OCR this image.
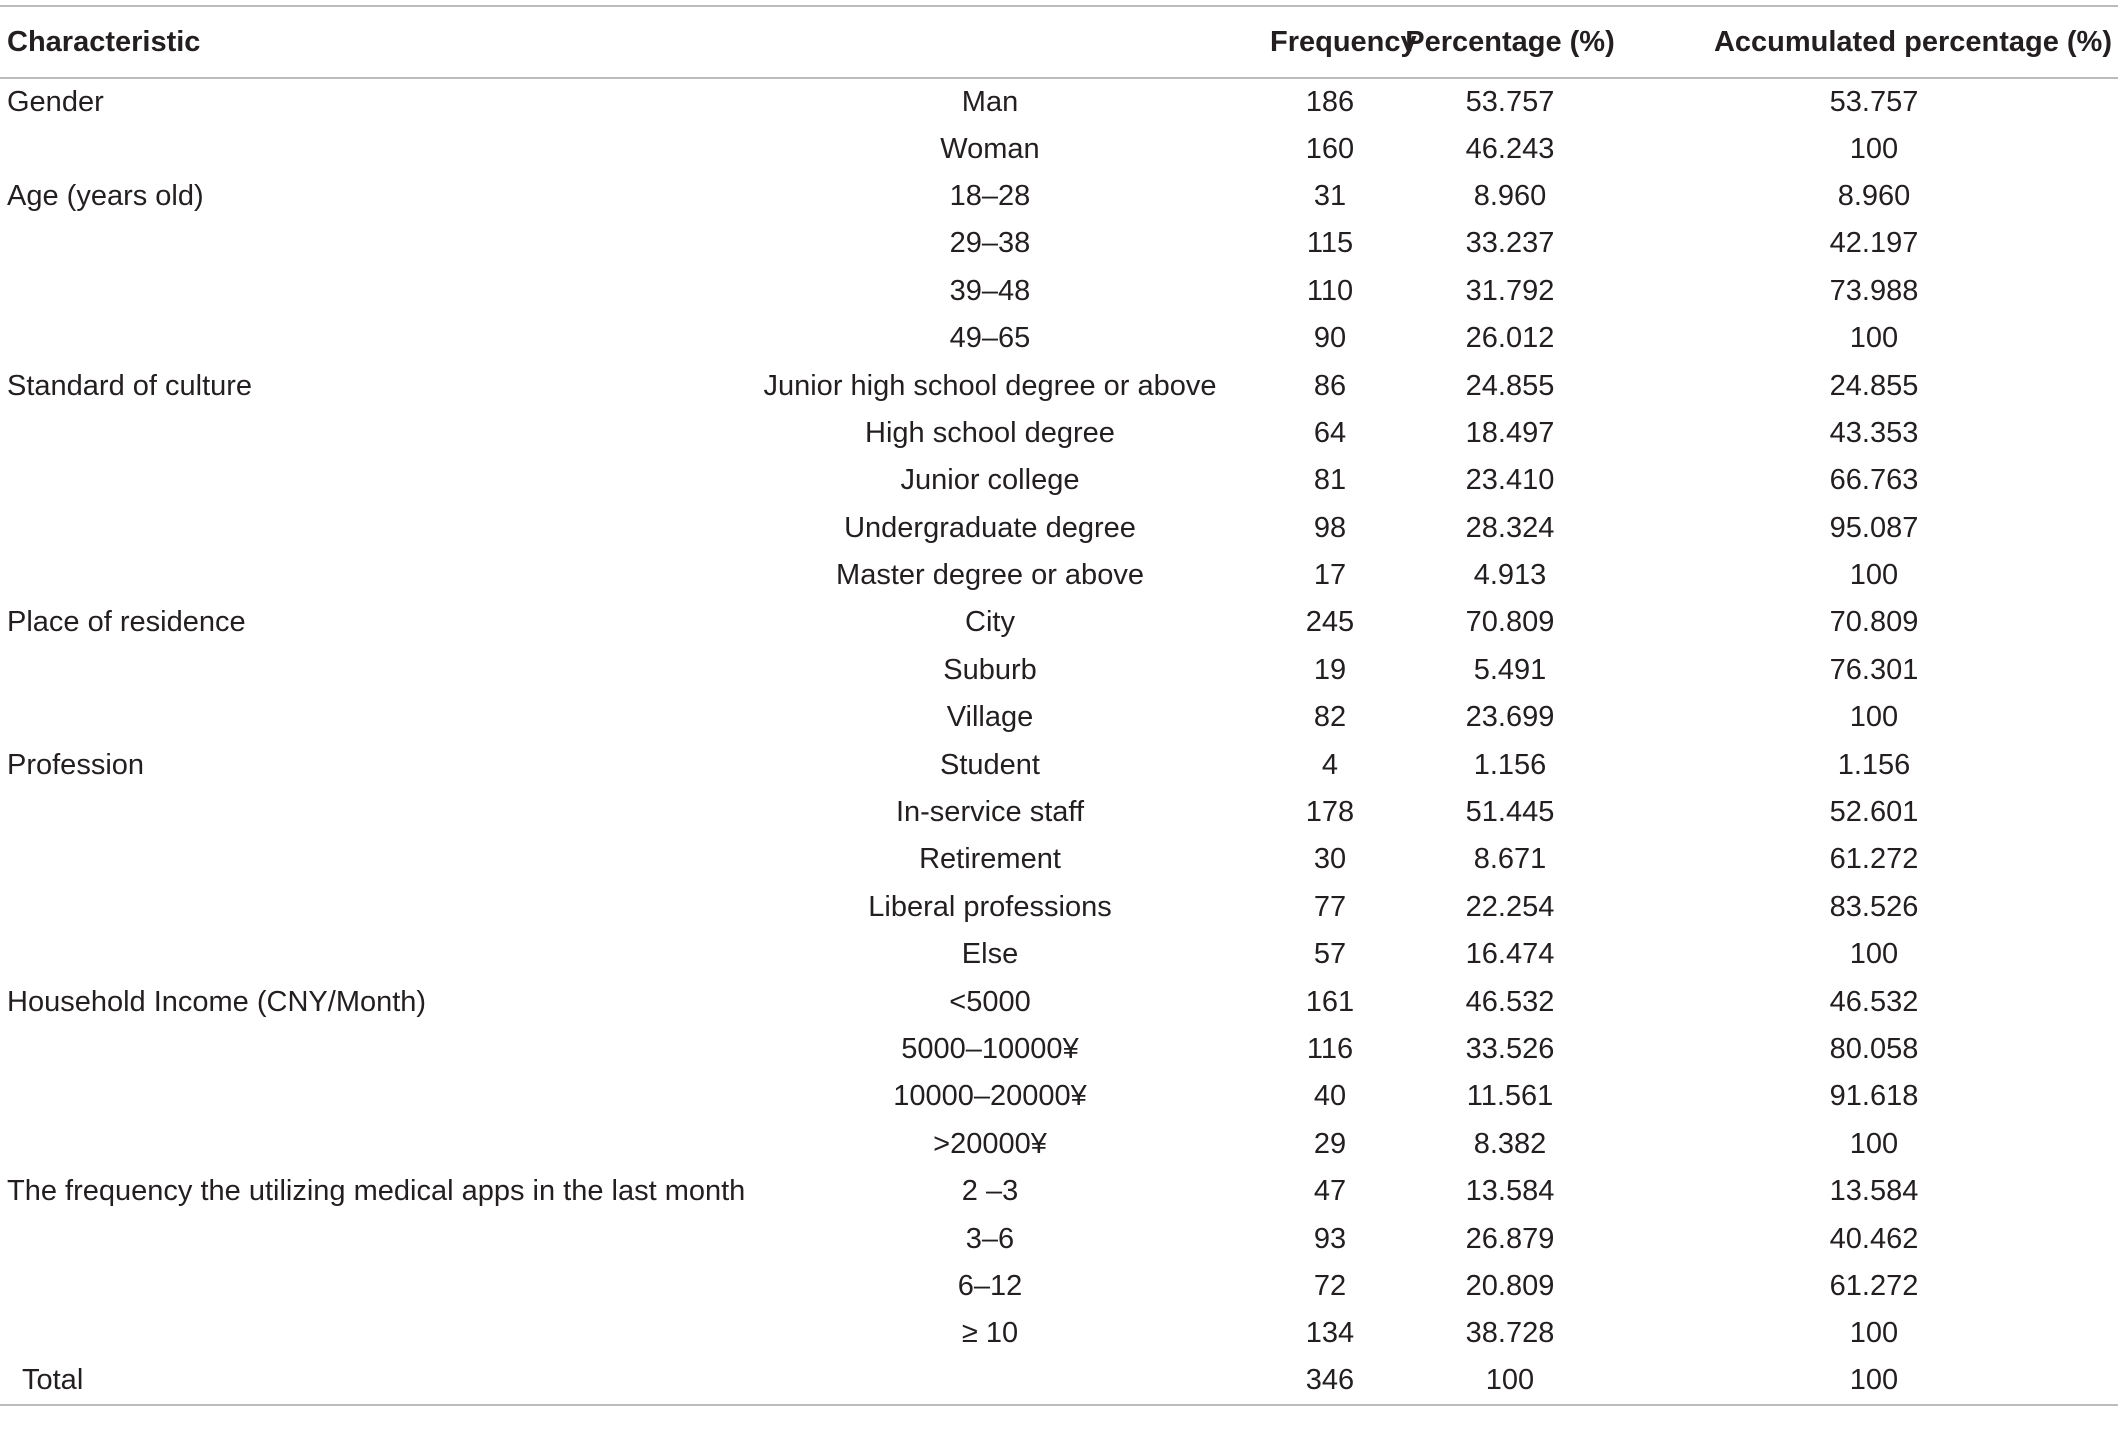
Characteristic		Frequency	Percentage (%)	Accumulated percentage (%)
Gender	Man	186	53.757	53.757
	Woman	160	46.243	100
Age (years old)	18–28	31	8.960	8.960
	29–38	115	33.237	42.197
	39–48	110	31.792	73.988
	49–65	90	26.012	100
Standard of culture	Junior high school degree or above	86	24.855	24.855
	High school degree	64	18.497	43.353
	Junior college	81	23.410	66.763
	Undergraduate degree	98	28.324	95.087
	Master degree or above	17	4.913	100
Place of residence	City	245	70.809	70.809
	Suburb	19	5.491	76.301
	Village	82	23.699	100
Profession	Student	4	1.156	1.156
	In-service staff	178	51.445	52.601
	Retirement	30	8.671	61.272
	Liberal professions	77	22.254	83.526
	Else	57	16.474	100
Household Income (CNY/Month)	<5000	161	46.532	46.532
	5000–10000¥	116	33.526	80.058
	10000–20000¥	40	11.561	91.618
	>20000¥	29	8.382	100
The frequency the utilizing medical apps in the last month	2 –3	47	13.584	13.584
	3–6	93	26.879	40.462
	6–12	72	20.809	61.272
	≥ 10	134	38.728	100
Total		346	100	100
